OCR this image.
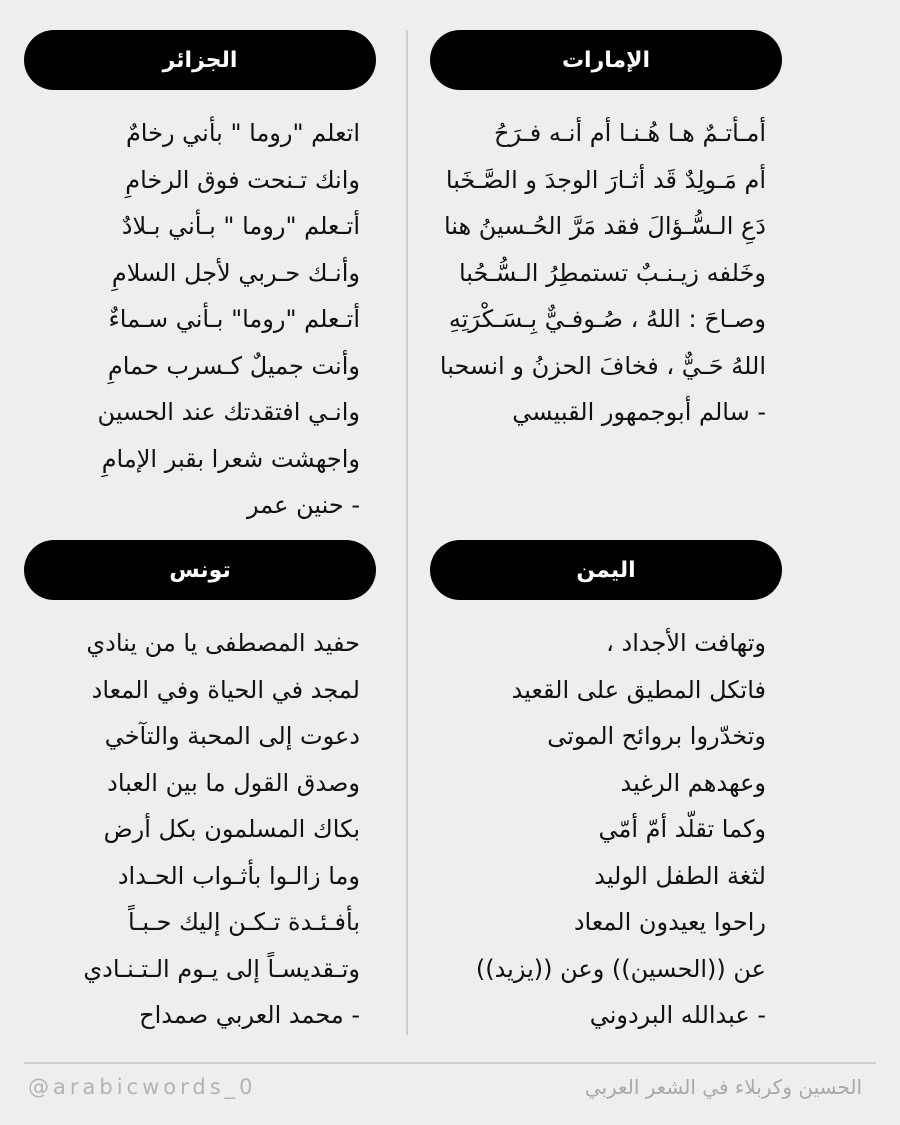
الإمارات
أمـأتـمٌ هـا هُـنـا أم أنـه فـرَحُ
أم مَـولِدٌ قَد أثـارَ الوجدَ و الصَّـخَبا
دَعِ الـسُّـؤالَ فقد مَرَّ الحُـسينُ هنا
وخَلفه زيـنـبٌ تستمطِرُ الـسُّـحُبا
وصـاحَ : اللهُ ، صُـوفـيٌّ بِـسَـكْرَتِهِ
اللهُ حَـيٌّ ، فخافَ الحزنُ و انسحبا
- سالم أبوجمهور القبيسي
الجزائر
اتعلم "روما " بأني رخامٌ
وانك تـنحت فوق الرخامِ
أتـعلم "روما " بـأني بـلادٌ
وأنـك حـربي لأجل السلامِ
أتـعلم "روما" بـأني سـماءٌ
وأنت جميلٌ كـسرب حمامِ
وانـي افتقدتك عند الحسين
واجهشت شعرا بقبر الإمامِ
- حنين عمر
اليمن
وتهافت الأجداد ،
فاتكل المطيق على القعيد
وتخدّروا بروائح الموتى
وعهدهم الرغيد
وكما تقلّد أمّ أمّي
لثغة الطفل الوليد
راحوا يعيدون المعاد
عن ((الحسين)) وعن ((يزيد))
- عبدالله البردوني
تونس
حفيد المصطفى يا من ينادي
لمجد في الحياة وفي المعاد
دعوت إلى المحبة والتآخي
وصدق القول ما بين العباد
بكاك المسلمون بكل أرض
وما زالـوا بأثـواب الحـداد
بأفـئـدة تـكـن إليك حـبـاً
وتـقديسـاً إلى يـوم الـتـنـادي
- محمد العربي صمداح
الحسين وكربلاء في الشعر العربي
@arabicwords_0
